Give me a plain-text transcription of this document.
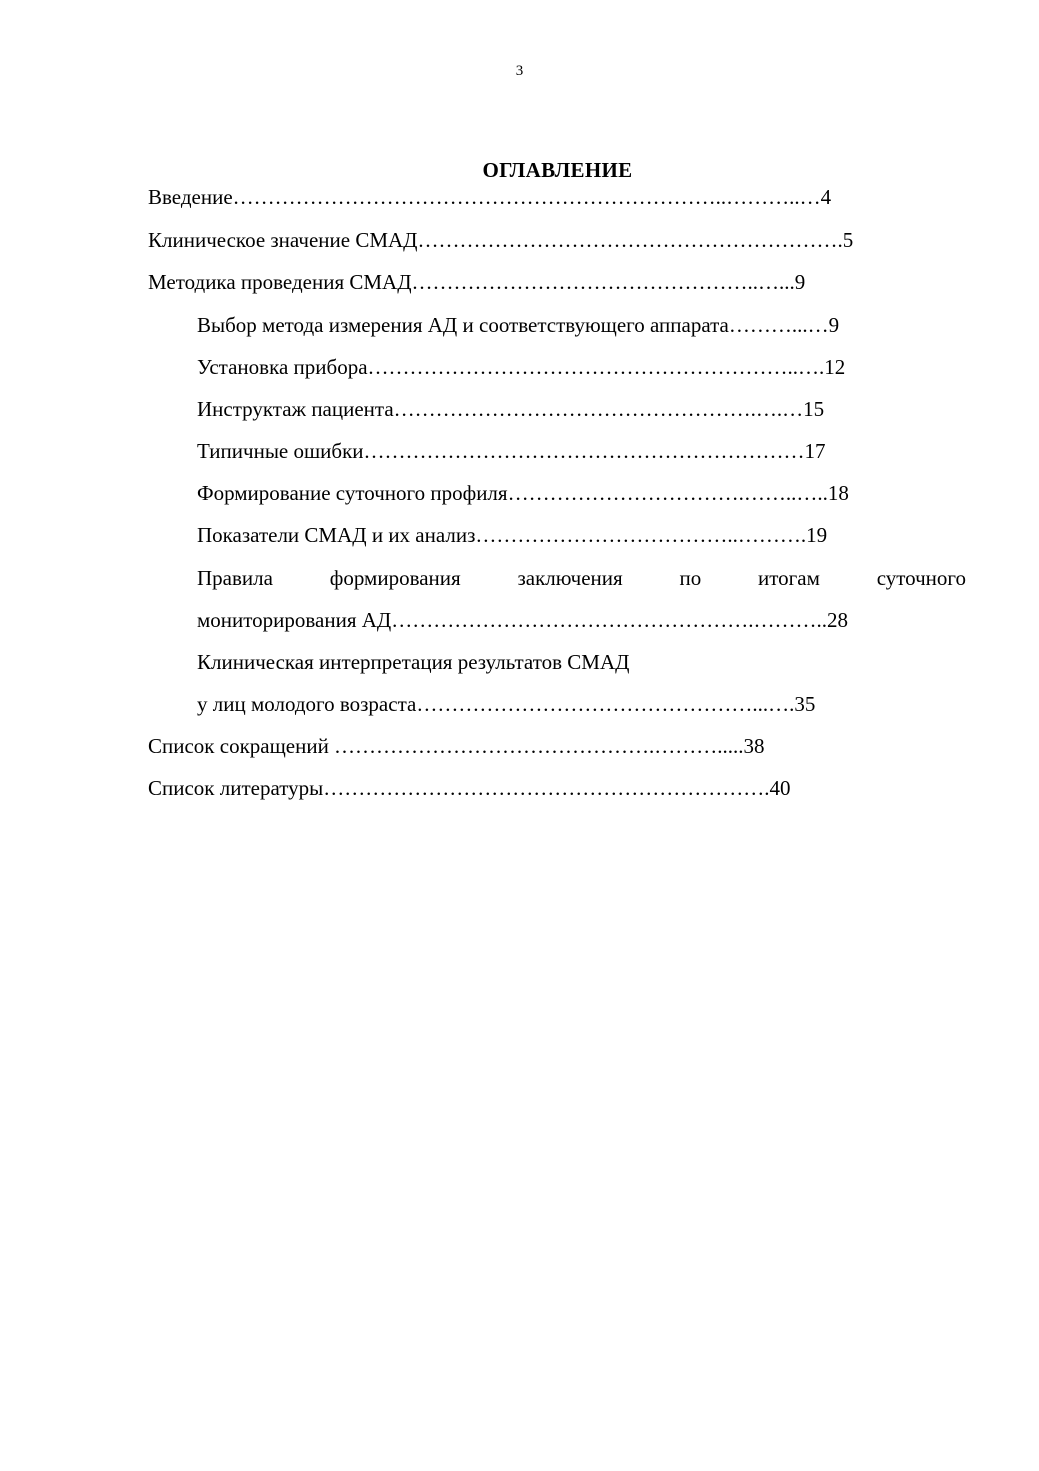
3
ОГЛАВЛЕНИЕ
Введение……………………………………………………………..………..…4
Клиническое значение СМАД…………………………………………………….5
Методика проведения СМАД…………………………………………..…...9
Выбор метода измерения АД и соответствующего аппарата………...…9
Установка прибора……………………………………………………..….12
Инструктаж пациента…………………………………………….….…15
Типичные ошибки………………………………………………………17
Формирование суточного профиля…………………………….……..…..18
Показатели СМАД и их анализ………………………………..……….19
Правила	формирования	заключения	по	итогам	суточного
мониторирования АД…………………………………………….………..28
Клиническая интерпретация результатов СМАД
у лиц молодого возраста…………………………………………...….35
Список сокращений ……………………………………….……….....38
Список литературы……………………………………………………….40
